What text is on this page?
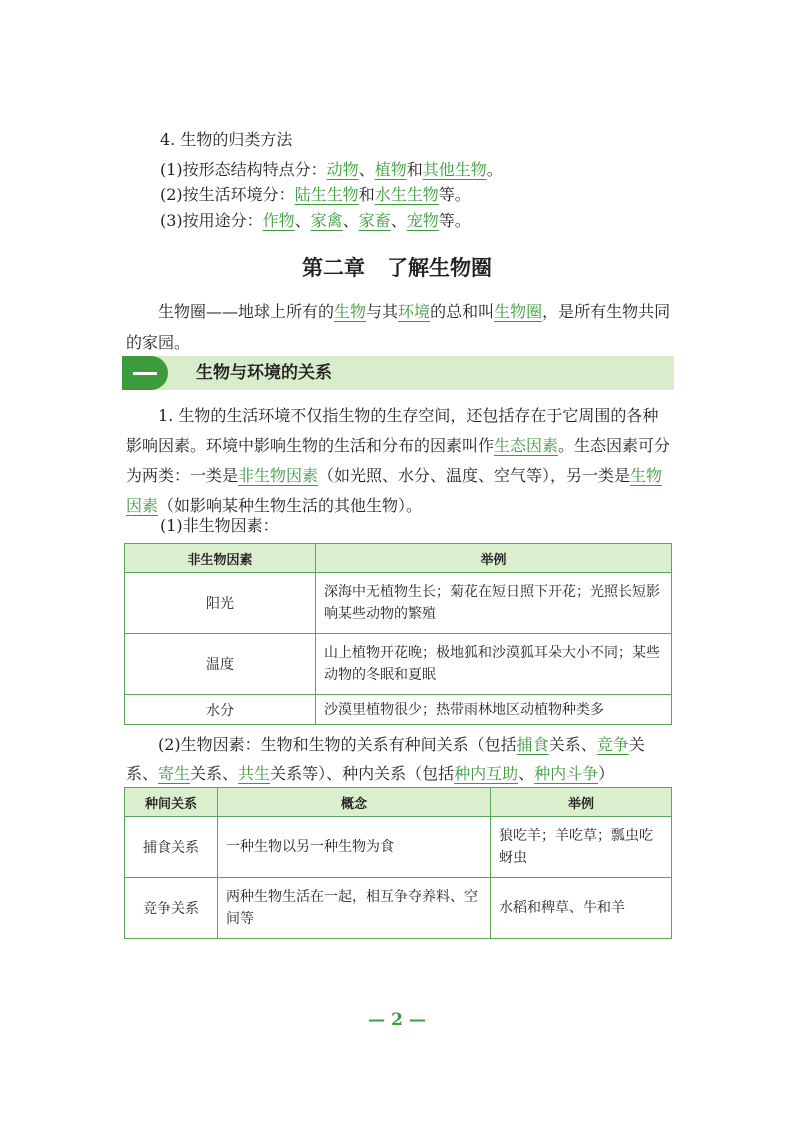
4. 生物的归类方法
(1)按形态结构特点分：动物、植物和其他生物。
(2)按生活环境分：陆生生物和水生生物等。
(3)按用途分：作物、家禽、家畜、宠物等。
第二章 了解生物圈
生物圈——地球上所有的生物与其环境的总和叫生物圈，是所有生物共同的家园。
生物与环境的关系
1. 生物的生活环境不仅指生物的生存空间，还包括存在于它周围的各种影响因素。环境中影响生物的生活和分布的因素叫作生态因素。生态因素可分为两类：一类是非生物因素（如光照、水分、温度、空气等），另一类是生物因素（如影响某种生物生活的其他生物）。
(1)非生物因素：
非生物因素	举例
阳光	深海中无植物生长；菊花在短日照下开花；光照长短影响某些动物的繁殖
温度	山上植物开花晚；极地狐和沙漠狐耳朵大小不同；某些动物的冬眠和夏眠
水分	沙漠里植物很少；热带雨林地区动植物种类多
(2)生物因素：生物和生物的关系有种间关系（包括捕食关系、竞争关系、寄生关系、共生关系等）、种内关系（包括种内互助、种内斗争）
种间关系	概念	举例
捕食关系	一种生物以另一种生物为食	狼吃羊；羊吃草；瓢虫吃蚜虫
竞争关系	两种生物生活在一起，相互争夺养料、空间等	水稻和稗草、牛和羊
— 2 —
